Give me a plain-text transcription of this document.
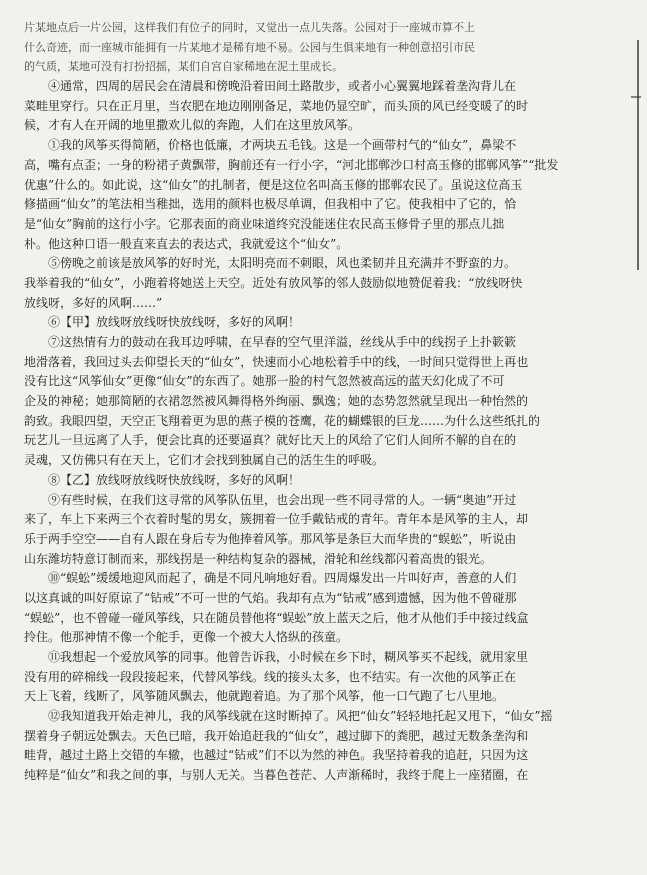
片某地点后一片公园，这样我们有位子的同时，又觉出一点儿失落。公园对于一座城市算不上
什么奇迹，而一座城市能拥有一片某地才是稀有地不易。公园与生俱来地有一种创意招引市民
的气质，某地可没有打扮招摇，某们自宫自家稀地在泥土里成长。
④通常，四周的居民会在清晨和傍晚沿着田间土路散步，或者小心翼翼地踩着垄沟背儿在
菜畦里穿行。只在正月里，当农肥在地边刚刚备足，菜地仍显空旷，而头顶的风已经变暖了的时
候，才有人在开阔的地里撒欢儿似的奔跑，人们在这里放风筝。
①我的风筝买得简陋，价格也低廉，才两块五毛钱。这是一个画带村气的“仙女”，鼻梁不
高，嘴有点歪；一身的粉裙子黄飘带，胸前还有一行小字，“河北邯郸沙口村高玉修的邯郸风筝”“批发
优惠”什么的。如此说，这“仙女”的扎制者，便是这位名叫高玉修的邯郸农民了。虽说这位高玉
修描画“仙女”的笔法相当稚拙，选用的颜料也极尽单调，但我相中了它。使我相中了它的，恰
是“仙女”胸前的这行小字。它那表面的商业味道终究没能迷住农民高玉修骨子里的那点儿拙
朴。他这种口语一般直来直去的表达式，我就爱这个“仙女”。
⑤傍晚之前该是放风筝的好时光，太阳明亮而不刺眼，风也柔韧并且充满并不野蛮的力。
我举着我的“仙女”，小跑着将她送上天空。近处有放风筝的邻人鼓励似地赞促着我：“放线呀快
放线呀，多好的风啊……”
⑥【甲】放线呀放线呀快放线呀，多好的风啊！
⑦这热情有力的鼓动在我耳边呼啸，在早春的空气里洋溢，丝线从手中的线拐子上扑簌簌
地滑落着，我回过头去仰望长天的“仙女”，快速而小心地松着手中的线，一时间只觉得世上再也
没有比这“风筝仙女”更像“仙女”的东西了。她那一脸的村气忽然被高远的蓝天幻化成了不可
企及的神秘；她那简陋的衣裙忽然被风舞得格外绚丽、飘逸；她的态势忽然就呈现出一种怡然的
韵致。我眼四望，天空正飞翔着更为思的燕子模的苍鹰，花的蝴蝶银的巨龙……为什么这些纸扎的
玩艺儿一旦远离了人手，便会比真的还要逼真？就好比天上的风给了它们人间所不解的自在的
灵魂，又仿佛只有在天上，它们才会找到独属自己的活生生的呼吸。
⑧【乙】放线呀放线呀快放线呀，多好的风啊！
⑨有些时候，在我们这寻常的风筝队伍里，也会出现一些不同寻常的人。一辆“奥迪”开过
来了，车上下来两三个衣着时髦的男女，簇拥着一位手戴钻戒的青年。青年本是风筝的主人，却
乐于两手空空——自有人跟在身后专为他捧着风筝。那风筝是条巨大而华贵的“蜈蚣”，听说由
山东潍坊特意订制而来，那线拐是一种结构复杂的器械，滑轮和丝线都闪着高贵的银光。
⑩“蜈蚣”缓缓地迎风而起了，确是不同凡响地好看。四周爆发出一片叫好声，善意的人们
以这真诚的叫好原谅了“钻戒”不可一世的气焰。我却有点为“钻戒”感到遗憾，因为他不曾碰那
“蜈蚣”，也不曾碰一碰风筝线，只在随员替他将“蜈蚣”放上蓝天之后，他才从他们手中接过线盒
拎住。他那神情不像一个舵手，更像一个被大人恪纵的孩童。
⑪我想起一个爱放风筝的同事。他曾告诉我，小时候在乡下时，糊风筝买不起线，就用家里
没有用的碎棉线一段段接起来，代替风筝线。线的接头太多，也不结实。有一次他的风筝正在
天上飞着，线断了，风筝随风飘去，他就跑着追。为了那个风筝，他一口气跑了七八里地。
⑫我知道我开始走神儿，我的风筝线就在这时断掉了。风把“仙女”轻轻地托起又甩下，“仙女”摇
摆着身子朝远处飘去。天色已暗，我开始追赶我的“仙女”，越过脚下的粪肥，越过无数条垄沟和
畦背，越过土路上交错的车辙，也越过“钻戒”们不以为然的神色。我坚持着我的追赶，只因为这
纯粹是“仙女”和我之间的事，与别人无关。当暮色苍茫、人声渐稀时，我终于爬上一座猪圈，在
